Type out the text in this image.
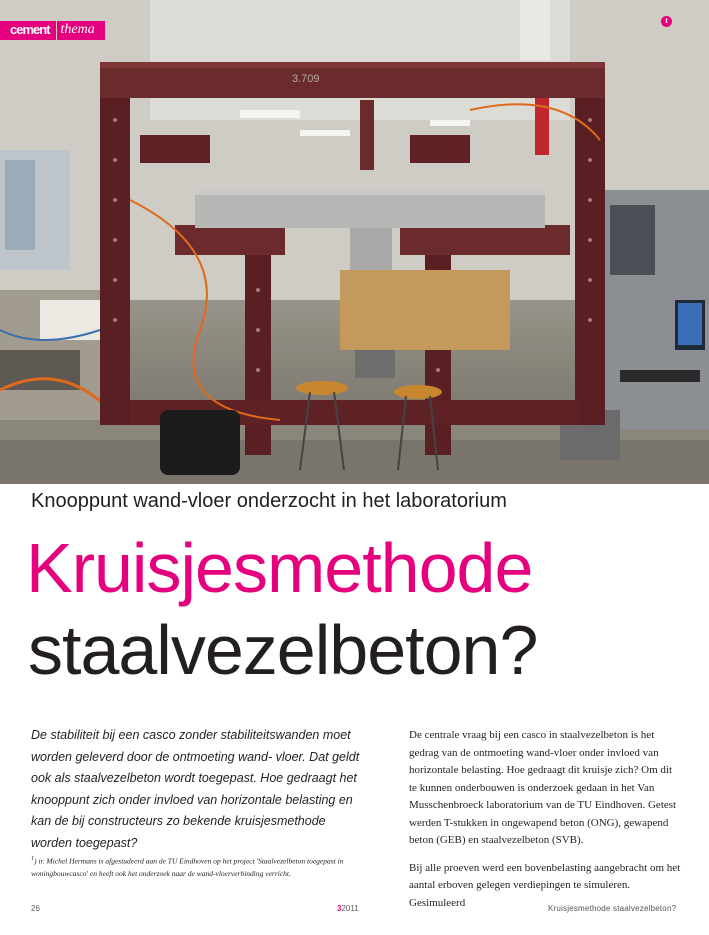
3.709
cement thema	t
Knooppunt wand-vloer onderzocht in het laboratorium
Kruisjesmethode
staalvezelbeton?
De stabiliteit bij een casco zonder stabiliteitswanden moet worden geleverd door de ontmoeting wand- vloer. Dat geldt ook als staalvezelbeton wordt toegepast. Hoe gedraagt het knooppunt zich onder invloed van horizontale belasting en kan de bij constructeurs zo bekende kruisjesmethode worden toegepast?
$^1$) ir. Michel Hermans is afgestudeerd aan de TU Eindhoven op het project 'Staalvezelbeton toegepast in woningbouwcasco' en heeft ook het onderzoek naar de wand-vloerverbinding verricht.

De centrale vraag bij een casco in staalvezelbeton is het gedrag van de ontmoeting wand-vloer onder invloed van horizontale belasting. Hoe gedraagt dit kruisje zich? Om dit te kunnen onderbouwen is onderzoek gedaan in het Van Musschenbroeck laboratorium van de TU Eindhoven. Getest werden T-stukken in ongewapend beton (ONG), gewapend beton (GEB) en staalvezelbeton (SVB).

Bij alle proeven werd een bovenbelasting aangebracht om het aantal erboven gelegen verdiepingen te simuleren. Gesimuleerd

26	32011	Kruisjesmethode staalvezelbeton?
